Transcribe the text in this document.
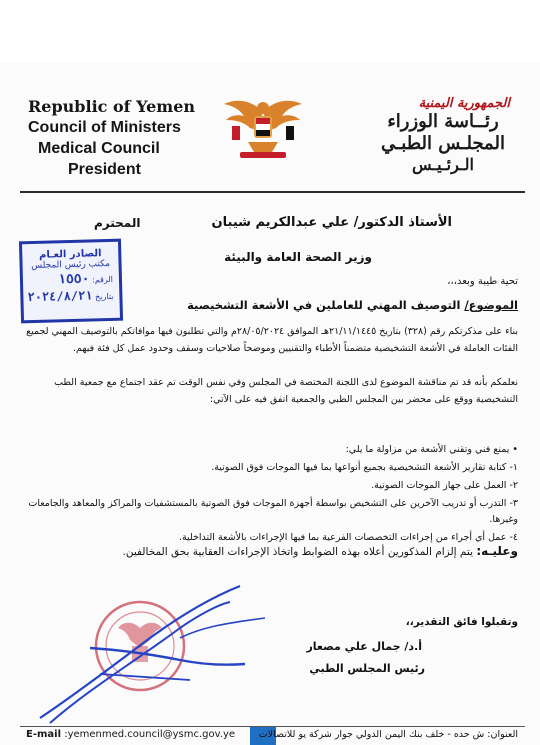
Republic of Yemen
Council of Ministers
Medical Council
President
الجمهورية اليمنية
رئــاسة الوزراء
المجلـس الطبـي
الـرئـيـس
الأستاذ الدكتور/ علي عبدالكريم شيبان
المحترم
وزير الصحة العامة والبيئة
تحية طيبة وبعد،،،
الموضوع/ التوصيف المهني للعاملين في الأشعة التشخيصية
بناء على مذكرتكم رقم (٣٢٨) بتاريخ ٢١/١١/١٤٤٥هـ الموافق ٢٨/٠٥/٢٠٢٤م والتي تطلبون فيها موافاتكم بالتوصيف المهني لجميع الفئات العاملة في الأشعة التشخيصية متضمناً الأطباء والتقنيين وموضحاً صلاحيات وسقف وحدود عمل كل فئة فيهم.
نعلمكم بأنه قد تم مناقشة الموضوع لدى اللجنة المختصة في المجلس وفي نفس الوقت تم عقد اجتماع مع جمعية الطب التشخيصية ووقع على محضر بين المجلس الطبي والجمعية اتفق فيه على الآتي:
• يمنع فني وتقني الأشعة من مزاولة ما يلي:
١- كتابة تقارير الأشعة التشخيصية بجميع أنواعها بما فيها الموجات فوق الصوتية.
٢- العمل على جهاز الموجات الصوتية.
٣- التدرب أو تدريب الآخرين على التشخيص بواسطة أجهزة الموجات فوق الصوتية بالمستشفيات والمراكز والمعاهد والجامعات وغيرها.
٤- عمل أي أجراء من إجراءات التخصصات الفرعية بما فيها الإجراءات بالأشعة التداخلية.
وعليـه: يتم إلزام المذكورين أعلاه بهذه الضوابط واتخاذ الإجراءات العقابية بحق المخالفين.
وتقبلوا فائق التقدير،،
أ.د/ جمال علي مصعار
رئيس المجلس الطبي
الصادر العـام
مكتب رئيس المجلس
الرقم: ١٥٥٠
بتاريخ ٢٠٢٤/٨/٢١
E-mail :yemenmed.council@ysmc.gov.ye العنوان: ش حده - خلف بنك اليمن الدولي جوار شركة يو للاتصالات
